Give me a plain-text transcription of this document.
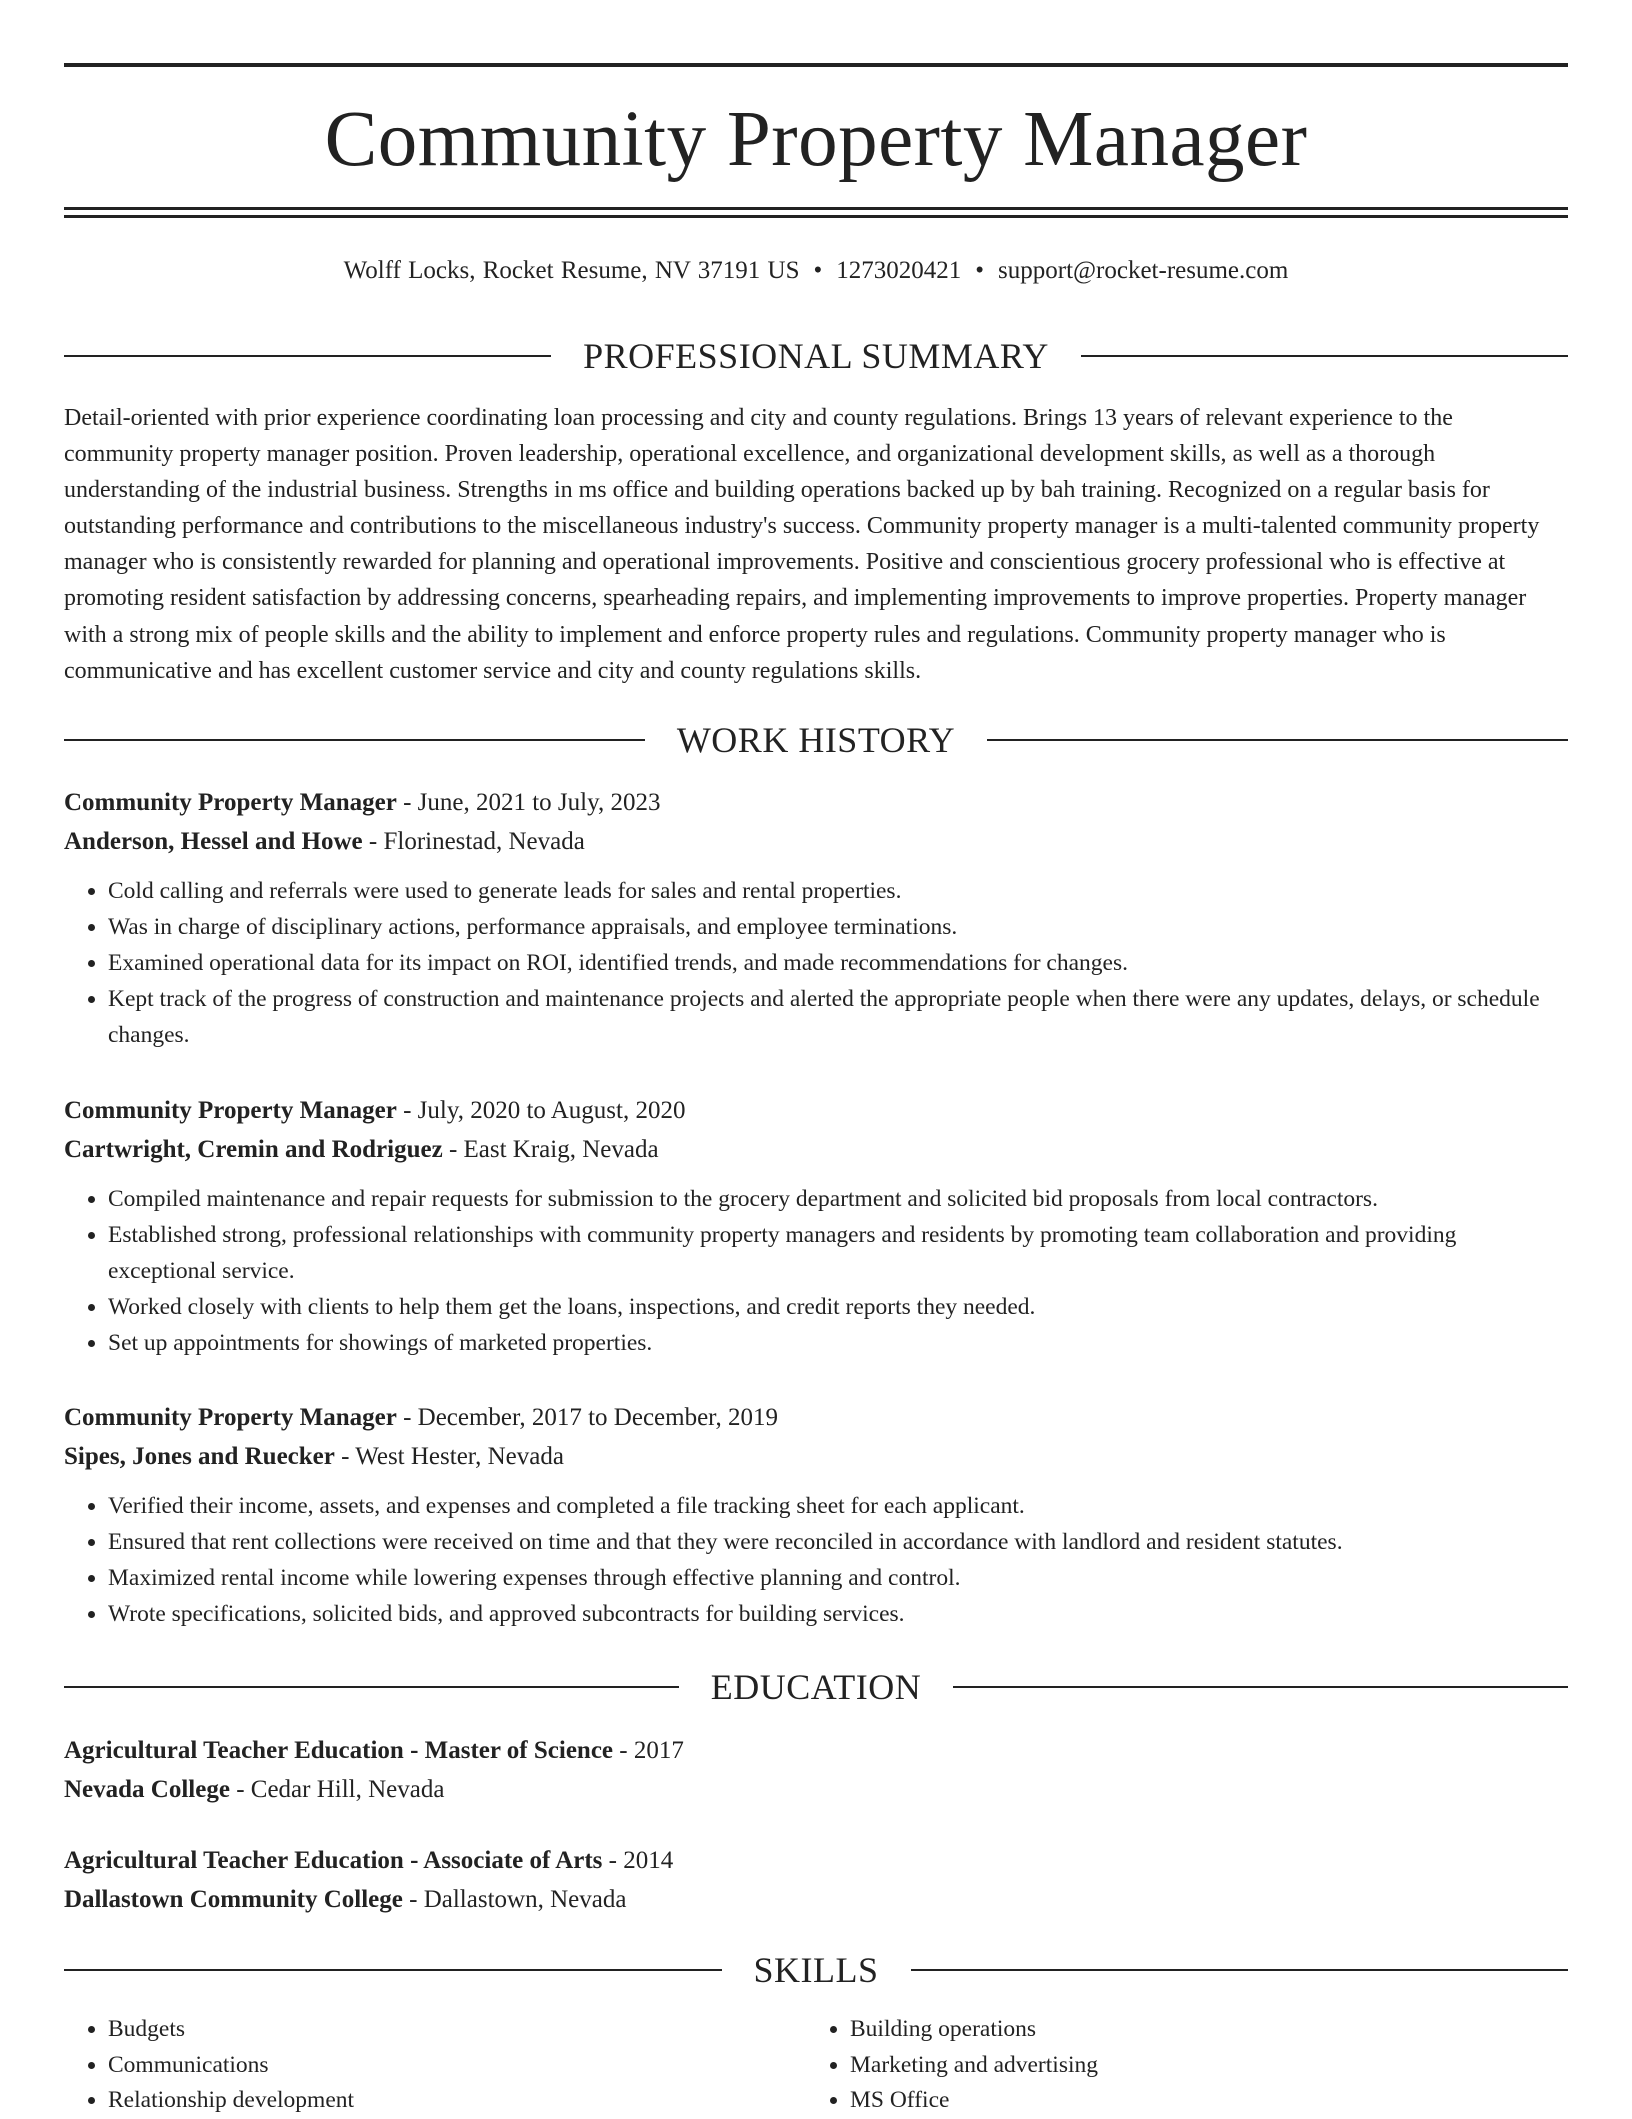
Community Property Manager
Wolff Locks, Rocket Resume, NV 37191 US • 1273020421 • support@rocket-resume.com
PROFESSIONAL SUMMARY
Detail-oriented with prior experience coordinating loan processing and city and county regulations. Brings 13 years of relevant experience to the community property manager position. Proven leadership, operational excellence, and organizational development skills, as well as a thorough understanding of the industrial business. Strengths in ms office and building operations backed up by bah training. Recognized on a regular basis for outstanding performance and contributions to the miscellaneous industry's success. Community property manager is a multi-talented community property manager who is consistently rewarded for planning and operational improvements. Positive and conscientious grocery professional who is effective at promoting resident satisfaction by addressing concerns, spearheading repairs, and implementing improvements to improve properties. Property manager with a strong mix of people skills and the ability to implement and enforce property rules and regulations. Community property manager who is communicative and has excellent customer service and city and county regulations skills.
WORK HISTORY
Community Property Manager - June, 2021 to July, 2023
Anderson, Hessel and Howe - Florinestad, Nevada
• Cold calling and referrals were used to generate leads for sales and rental properties.
• Was in charge of disciplinary actions, performance appraisals, and employee terminations.
• Examined operational data for its impact on ROI, identified trends, and made recommendations for changes.
• Kept track of the progress of construction and maintenance projects and alerted the appropriate people when there were any updates, delays, or schedule changes.
Community Property Manager - July, 2020 to August, 2020
Cartwright, Cremin and Rodriguez - East Kraig, Nevada
• Compiled maintenance and repair requests for submission to the grocery department and solicited bid proposals from local contractors.
• Established strong, professional relationships with community property managers and residents by promoting team collaboration and providing exceptional service.
• Worked closely with clients to help them get the loans, inspections, and credit reports they needed.
• Set up appointments for showings of marketed properties.
Community Property Manager - December, 2017 to December, 2019
Sipes, Jones and Ruecker - West Hester, Nevada
• Verified their income, assets, and expenses and completed a file tracking sheet for each applicant.
• Ensured that rent collections were received on time and that they were reconciled in accordance with landlord and resident statutes.
• Maximized rental income while lowering expenses through effective planning and control.
• Wrote specifications, solicited bids, and approved subcontracts for building services.
EDUCATION
Agricultural Teacher Education - Master of Science - 2017
Nevada College - Cedar Hill, Nevada
Agricultural Teacher Education - Associate of Arts - 2014
Dallastown Community College - Dallastown, Nevada
SKILLS
• Budgets
• Communications
• Relationship development
• Building operations
• Marketing and advertising
• MS Office
